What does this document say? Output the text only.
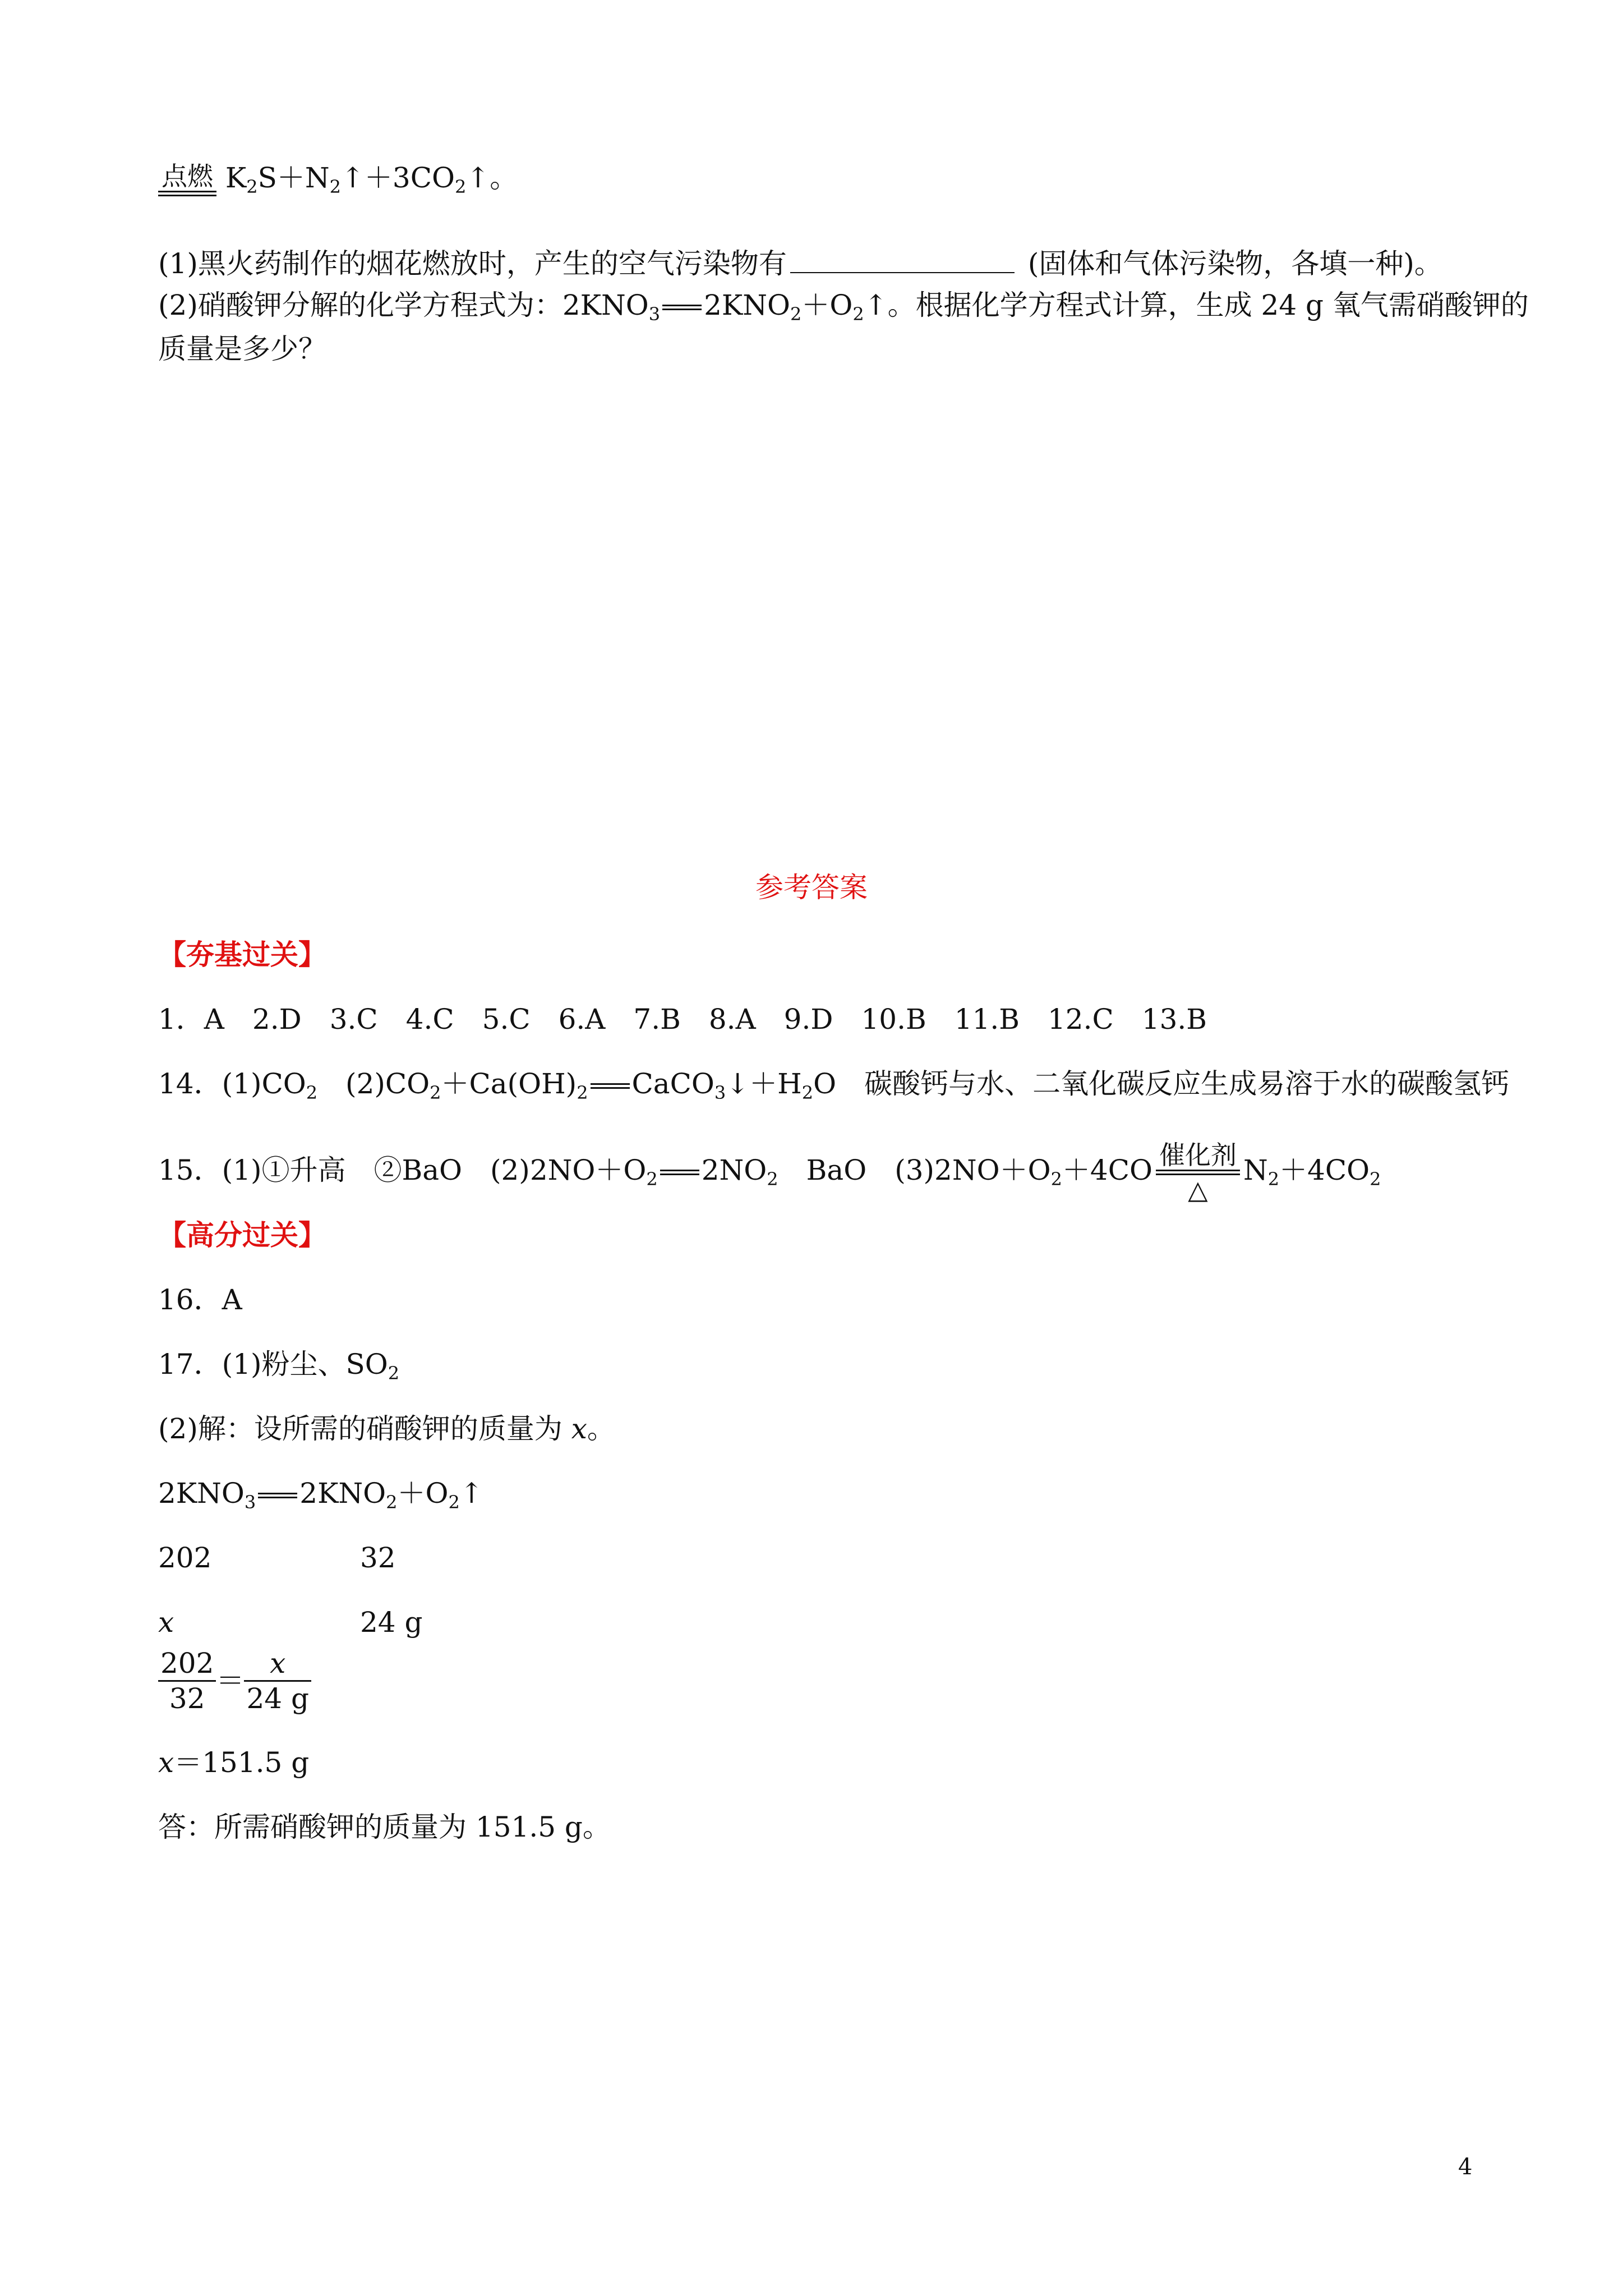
点燃 $K_2S+N_2↑+3CO_2↑$。
(1)黑火药制作的烟花燃放时，产生的空气污染物有	(固体和气体污染物，各填一种)。
(2)硝酸钾分解的化学方程式为：$2KNO_3$ $2KNO_2+O_2↑$。根据化学方程式计算，生成 24 g 氧气需硝酸钾的
质量是多少？
参考答案
【夯基过关】
1．A　2.D　3.C　4.C　5.C　6.A　7.B　8.A　9.D　10.B　11.B　12.C　13.B
14．$(1)CO_2$　$(2)CO_2+Ca(OH)_2$ $CaCO_3↓+H_2O$　碳酸钙与水、二氧化碳反应生成易溶于水的碳酸氢钙
15．(1)①升高　②BaO　$(2)2NO+O_2$ $2NO_2$　BaO　$(3)2NO+O_2+4CO$ 催化剂
△
$N_2+4CO_2$
【高分过关】
16．A
17．(1)粉尘、$SO_2$
(2)解：设所需的硝酸钾的质量为 x。
$2KNO_3$ $2KNO_2+O_2↑$
202	32
x	24 g
$\frac{202}{32} = \frac{x}{24 g}$
x＝151.5 g
答：所需硝酸钾的质量为 151.5 g。
4
